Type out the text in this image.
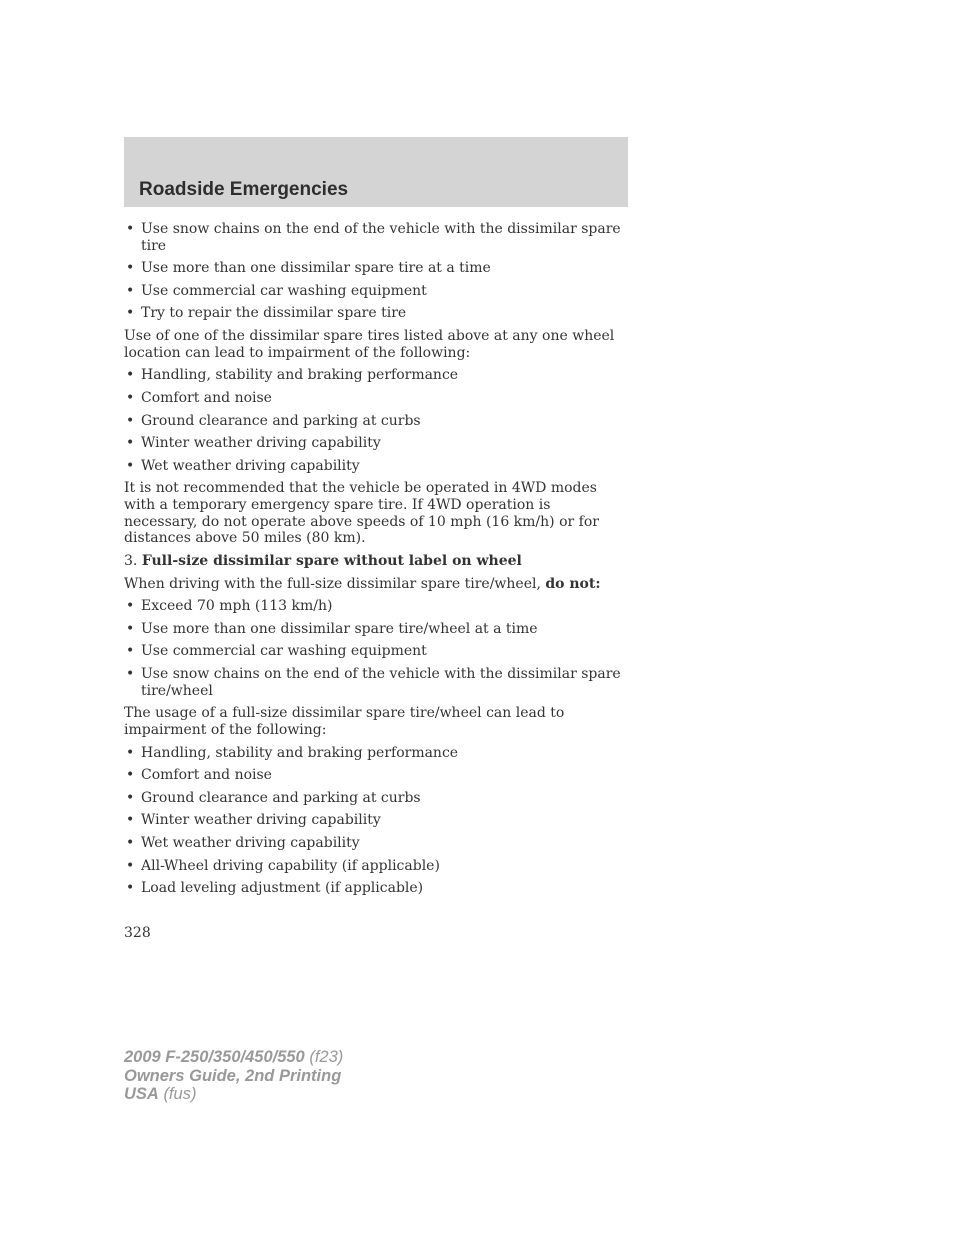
Roadside Emergencies
• Use snow chains on the end of the vehicle with the dissimilar spare tire
• Use more than one dissimilar spare tire at a time
• Use commercial car washing equipment
• Try to repair the dissimilar spare tire

Use of one of the dissimilar spare tires listed above at any one wheel location can lead to impairment of the following:

• Handling, stability and braking performance
• Comfort and noise
• Ground clearance and parking at curbs
• Winter weather driving capability
• Wet weather driving capability

It is not recommended that the vehicle be operated in 4WD modes with a temporary emergency spare tire. If 4WD operation is necessary, do not operate above speeds of 10 mph (16 km/h) or for distances above 50 miles (80 km).

3. Full-size dissimilar spare without label on wheel

When driving with the full-size dissimilar spare tire/wheel, do not:

• Exceed 70 mph (113 km/h)
• Use more than one dissimilar spare tire/wheel at a time
• Use commercial car washing equipment
• Use snow chains on the end of the vehicle with the dissimilar spare tire/wheel

The usage of a full-size dissimilar spare tire/wheel can lead to impairment of the following:

• Handling, stability and braking performance
• Comfort and noise
• Ground clearance and parking at curbs
• Winter weather driving capability
• Wet weather driving capability
• All-Wheel driving capability (if applicable)
• Load leveling adjustment (if applicable)
328
2009 F-250/350/450/550 (f23)
Owners Guide, 2nd Printing
USA (fus)
